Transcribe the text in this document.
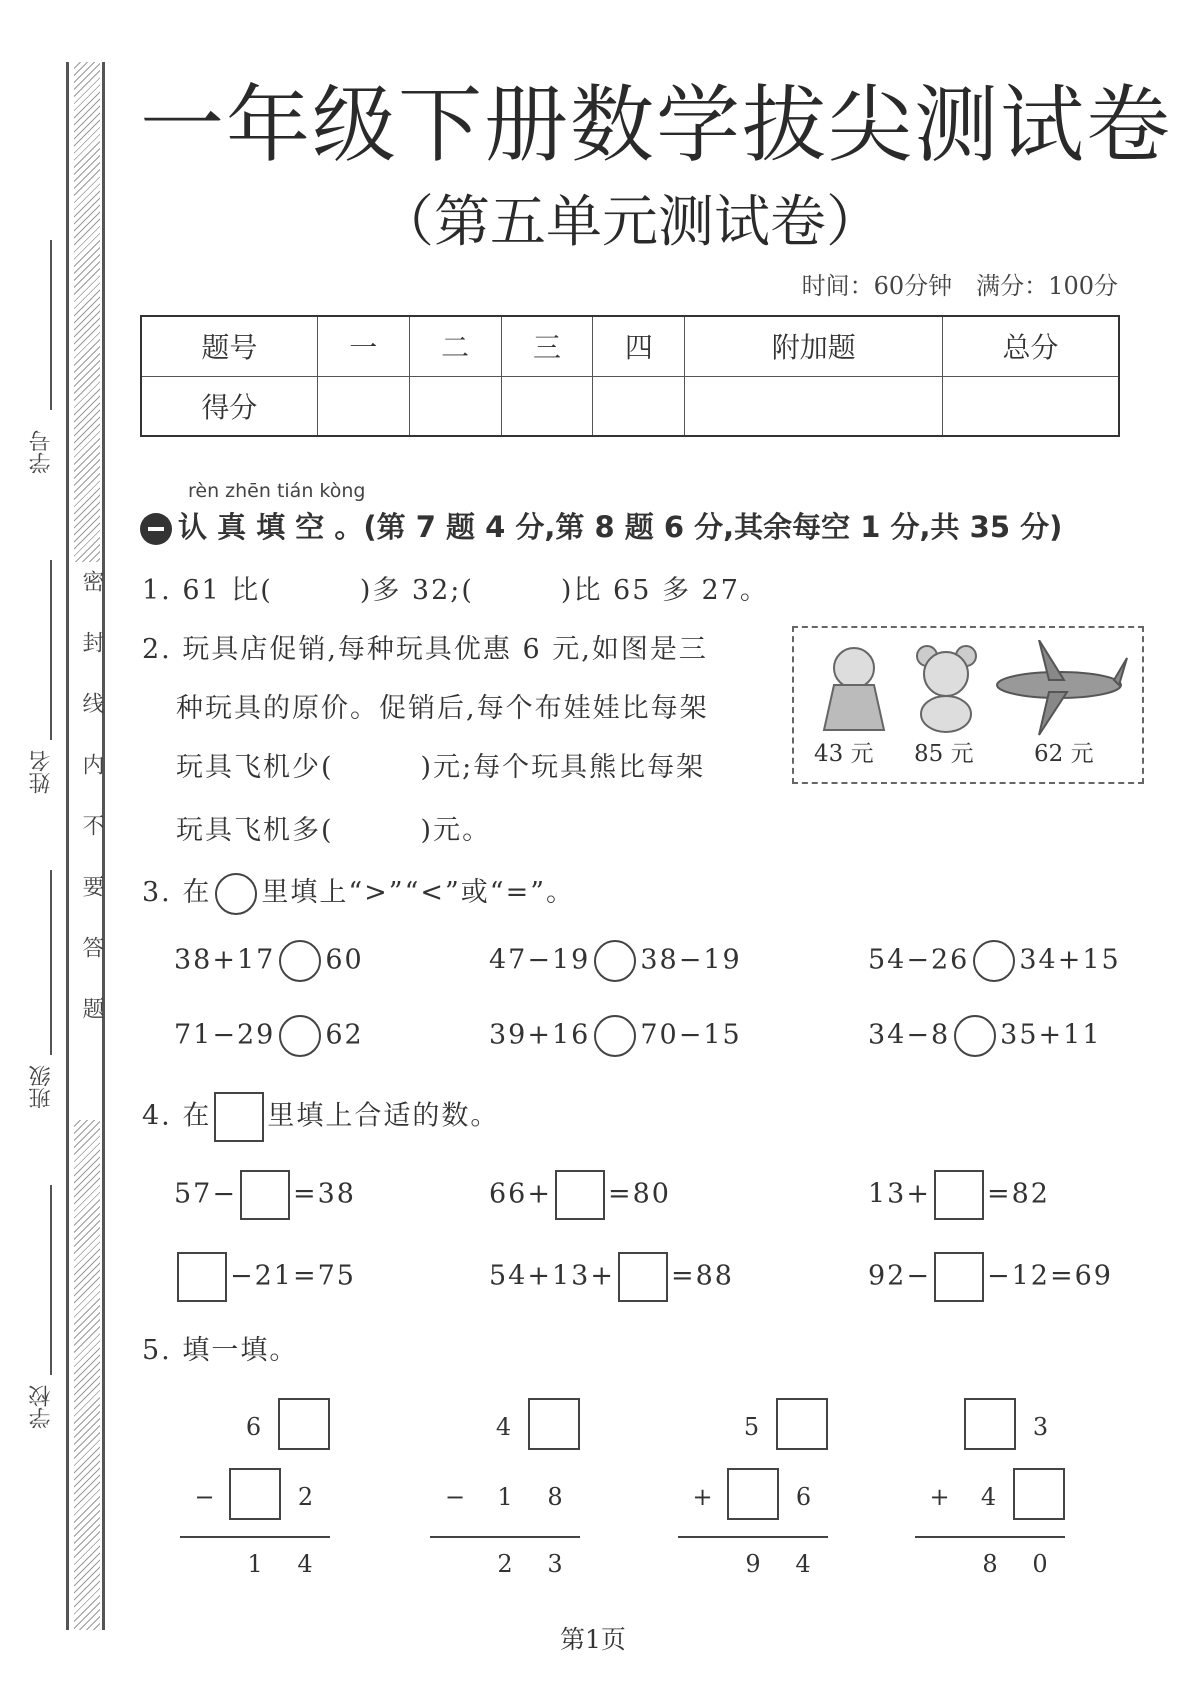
密 封 线 内 不 要 答 题
学号
姓名
班级
学校
一年级下册数学拔尖测试卷
（第五单元测试卷）
时间：60分钟　满分：100分
题号	一	二	三	四	附加题	总分
得分						
rèn zhēn tián kòng
认 真 填 空 。(第 7 题 4 分,第 8 题 6 分,其余每空 1 分,共 35 分)
1. 61 比(　　　)多 32;(　　　)比 65 多 27。
2. 玩具店促销,每种玩具优惠 6 元,如图是三
种玩具的原价。促销后,每个布娃娃比每架
玩具飞机少(　　　)元;每个玩具熊比每架
玩具飞机多(　　　)元。
43 元 85 元	62 元
3. 在 里填上“>”“<”或“=”。
4. 在 里填上合适的数。
5. 填一填。
第1页
38+17 60	47−19 38−19	54−26 34+15
71−29 62	39+16 70−15	34−8 35+11
57− =38	66+ =80	13+ =82
−21=75	54+13+ =88	92− −12=69
6
−	2
1	4
4
−	1	8
2	3
5
+	6
9	4
3
+	4
8	0
